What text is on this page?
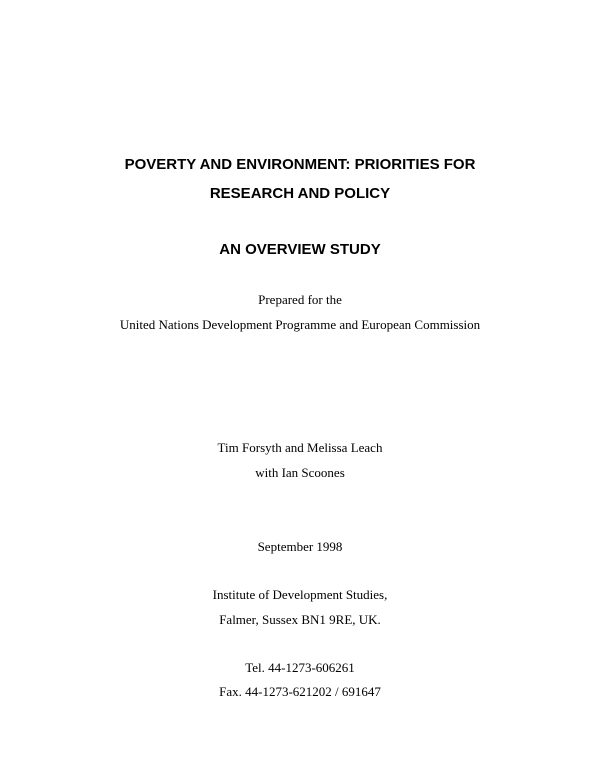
POVERTY AND ENVIRONMENT: PRIORITIES FOR
RESEARCH AND POLICY
AN OVERVIEW STUDY
Prepared for the
United Nations Development Programme and European Commission
Tim Forsyth and Melissa Leach
with Ian Scoones
September 1998
Institute of Development Studies,
Falmer, Sussex BN1 9RE, UK.
Tel. 44-1273-606261
Fax. 44-1273-621202 / 691647
